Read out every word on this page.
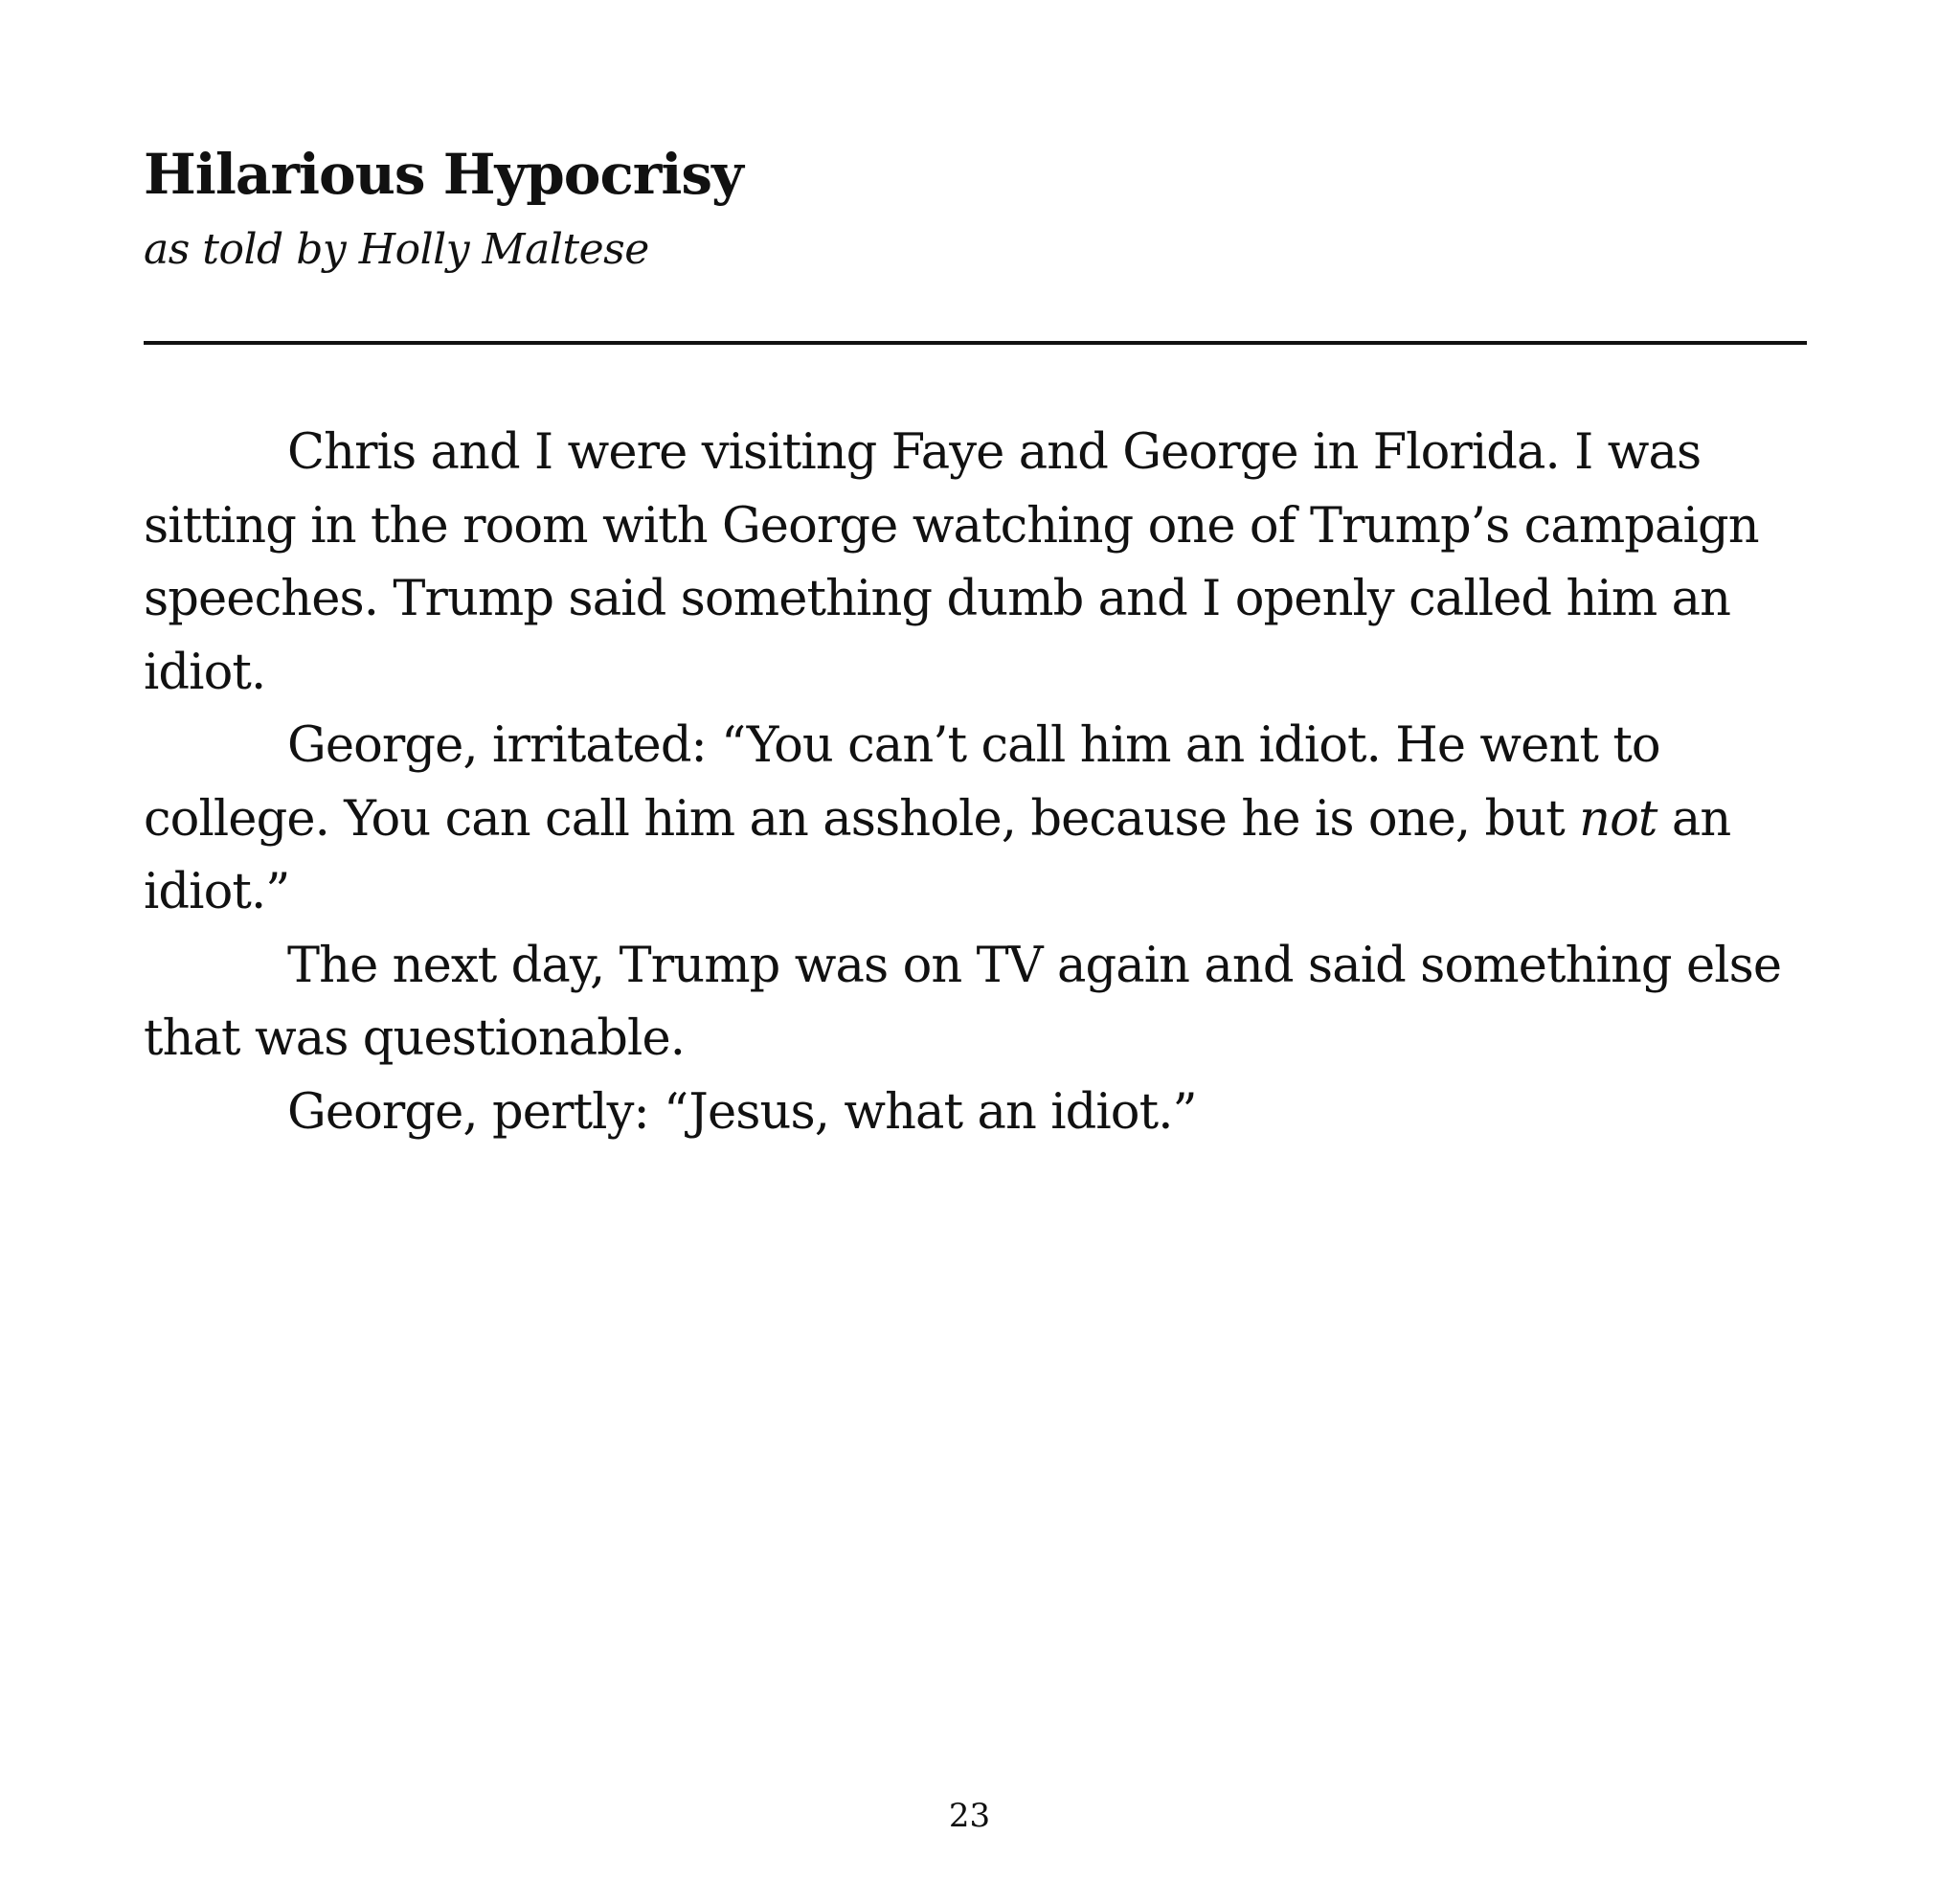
Hilarious Hypocrisy

as told by Holly Maltese

Chris and I were visiting Faye and George in Florida. I was sitting in the room with George watching one of Trump’s campaign speeches. Trump said something dumb and I openly called him an idiot.

George, irritated: “You can’t call him an idiot. He went to college. You can call him an asshole, because he is one, but not an idiot.”

The next day, Trump was on TV again and said something else that was questionable.

George, pertly: “Jesus, what an idiot.”

23
